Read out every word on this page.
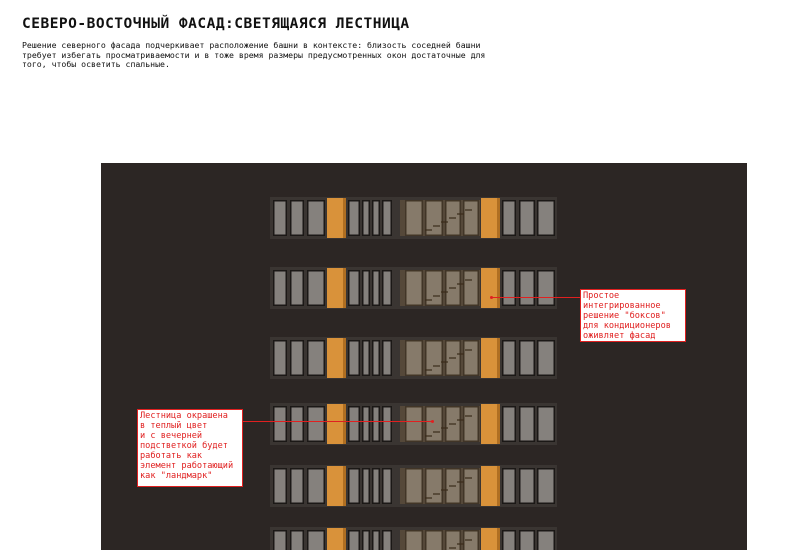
СЕВЕРО-ВОСТОЧНЫЙ ФАСАД:СВЕТЯЩАЯСЯ ЛЕСТНИЦА
Решение северного фасада подчеркивает расположение башни в контексте: близость соседней башни
требует избегать просматриваемости и в тоже время размеры предусмотренных окон достаточные для
того, чтобы осветить спальные.
Простое
интегрированное
решение "боксов"
для кондиционеров
оживляет фасад
Лестница окрашена
в теплый цвет
и с вечерней
подстветкой будет
работать как
элемент работающий
как "ландмарк"
